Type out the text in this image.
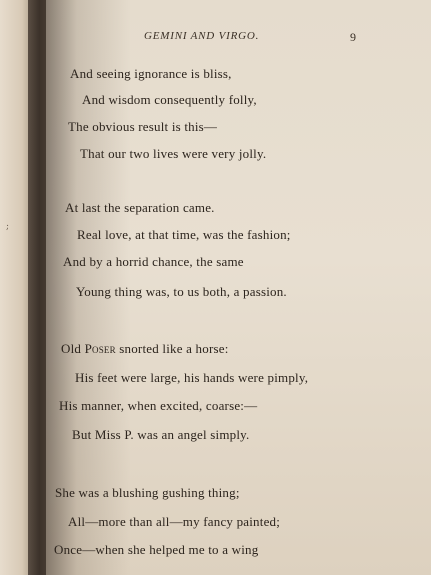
;
GEMINI AND VIRGO.	9
And seeing ignorance is bliss,
And wisdom consequently folly,
The obvious result is this—
That our two lives were very jolly.
At last the separation came.
Real love, at that time, was the fashion;
And by a horrid chance, the same
Young thing was, to us both, a passion.
Old Poser snorted like a horse:
His feet were large, his hands were pimply,
His manner, when excited, coarse:—
But Miss P. was an angel simply.
She was a blushing gushing thing;
All—more than all—my fancy painted;
Once—when she helped me to a wing
